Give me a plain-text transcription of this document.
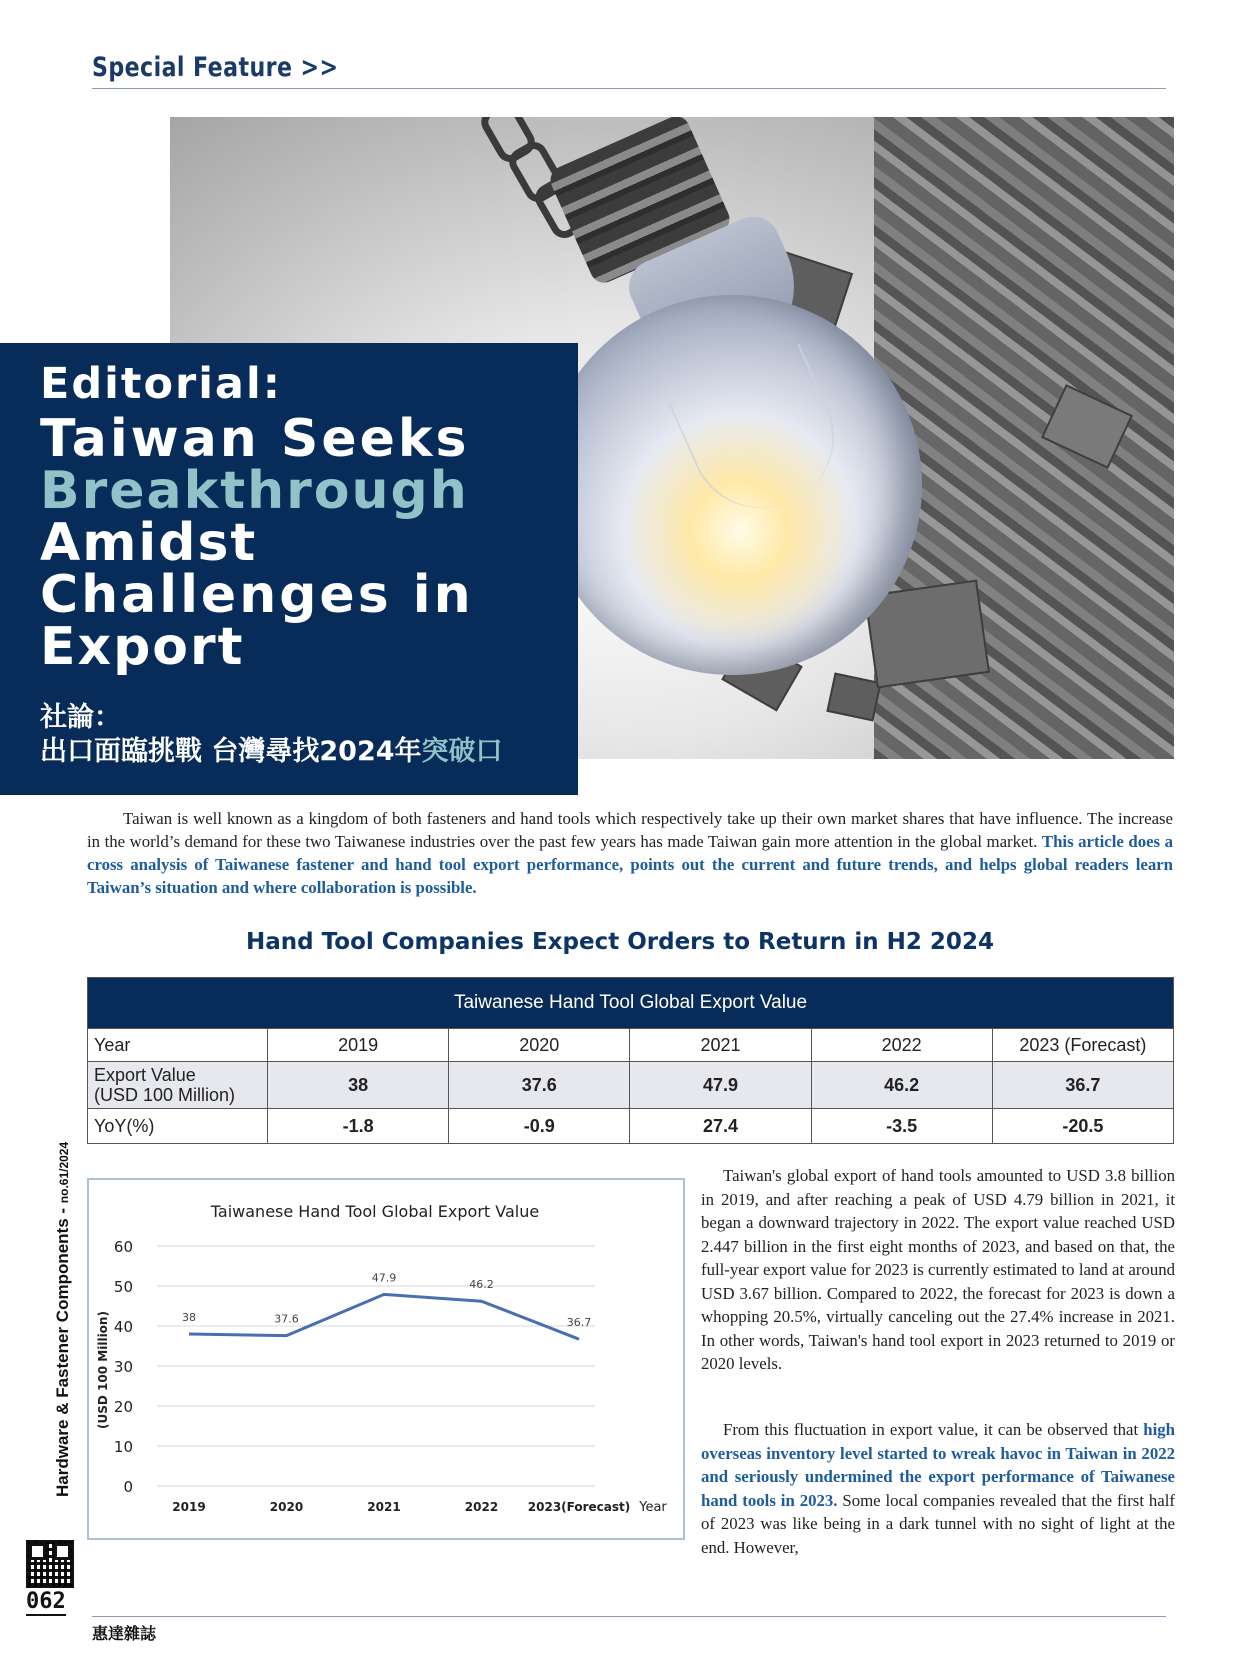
Special Feature >>
Editorial:
Taiwan Seeks
Breakthrough
Amidst
Challenges in
Export
社論：
出口面臨挑戰 台灣尋找2024年突破口

Taiwan is well known as a kingdom of both fasteners and hand tools which respectively take up their own market shares that have influence. The increase in the world’s demand for these two Taiwanese industries over the past few years has made Taiwan gain more attention in the global market. This article does a cross analysis of Taiwanese fastener and hand tool export performance, points out the current and future trends, and helps global readers learn Taiwan’s situation and where collaboration is possible.

Hand Tool Companies Expect Orders to Return in H2 2024
Taiwanese Hand Tool Global Export Value					
Year	2019	2020	2021	2022	2023 (Forecast)
Export Value
(USD 100 Million)	38	37.6	47.9	46.2	36.7
YoY(%)	-1.8	-0.9	27.4	-3.5	-20.5
Taiwanese Hand Tool Global Export Value
(USD 100 Million)
Year
0
10
20
30
40
50
60
2019	2020	2021	2022 2023(Forecast)
38	37.6
47.9
46.2
36.7

Taiwan's global export of hand tools amounted to USD 3.8 billion in 2019, and after reaching a peak of USD 4.79 billion in 2021, it began a downward trajectory in 2022. The export value reached USD 2.447 billion in the first eight months of 2023, and based on that, the full-year export value for 2023 is currently estimated to land at around USD 3.67 billion. Compared to 2022, the forecast for 2023 is down a whopping 20.5%, virtually canceling out the 27.4% increase in 2021. In other words, Taiwan's hand tool export in 2023 returned to 2019 or 2020 levels.

From this fluctuation in export value, it can be observed that high overseas inventory level started to wreak havoc in Taiwan in 2022 and seriously undermined the export performance of Taiwanese hand tools in 2023. Some local companies revealed that the first half of 2023 was like being in a dark tunnel with no sight of light at the end. However,

Hardware & Fastener Components - no.61/2024
062
惠達雜誌
